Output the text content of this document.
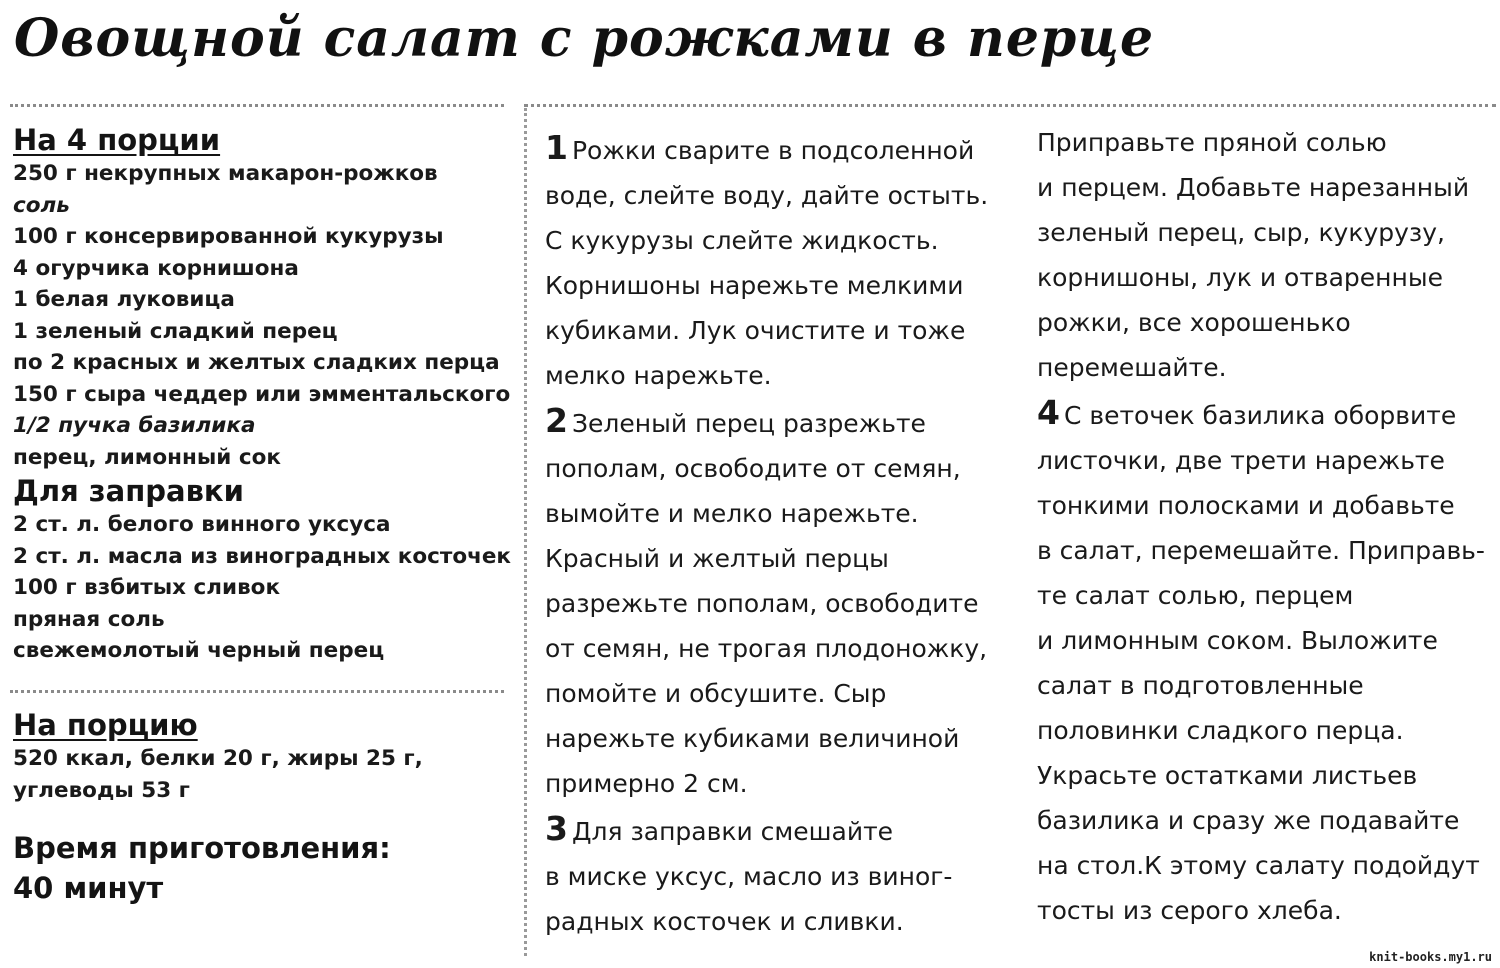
Овощной салат с рожками в перце
На 4 порции
250 г некрупных макарон-рожков
соль
100 г консервированной кукурузы
4 огурчика корнишона
1 белая луковица
1 зеленый сладкий перец
по 2 красных и желтых сладких перца
150 г сыра чеддер или эмментальского
1/2 пучка базилика
перец, лимонный сок
Для заправки
2 ст. л. белого винного уксуса
2 ст. л. масла из виноградных косточек
100 г взбитых сливок
пряная соль
свежемолотый черный перец
На порцию
520 ккал, белки 20 г, жиры 25 г,
углеводы 53 г
Время приготовления:
40 минут
1 Рожки сварите в подсоленной
воде, слейте воду, дайте остыть.
С кукурузы слейте жидкость.
Корнишоны нарежьте мелкими
кубиками. Лук очистите и тоже
мелко нарежьте.
2 Зеленый перец разрежьте
пополам, освободите от семян,
вымойте и мелко нарежьте.
Красный и желтый перцы
разрежьте пополам, освободите
от семян, не трогая плодоножку,
помойте и обсушите. Сыр
нарежьте кубиками величиной
примерно 2 см.
3 Для заправки смешайте
в миске уксус, масло из виног-
радных косточек и сливки.
Приправьте пряной солью
и перцем. Добавьте нарезанный
зеленый перец, сыр, кукурузу,
корнишоны, лук и отваренные
рожки, все хорошенько
перемешайте.
4 С веточек базилика оборвите
листочки, две трети нарежьте
тонкими полосками и добавьте
в салат, перемешайте. Приправь-
те салат солью, перцем
и лимонным соком. Выложите
салат в подготовленные
половинки сладкого перца.
Украсьте остатками листьев
базилика и сразу же подавайте
на стол.К этому салату подойдут
тосты из серого хлеба.
knit-books.my1.ru
